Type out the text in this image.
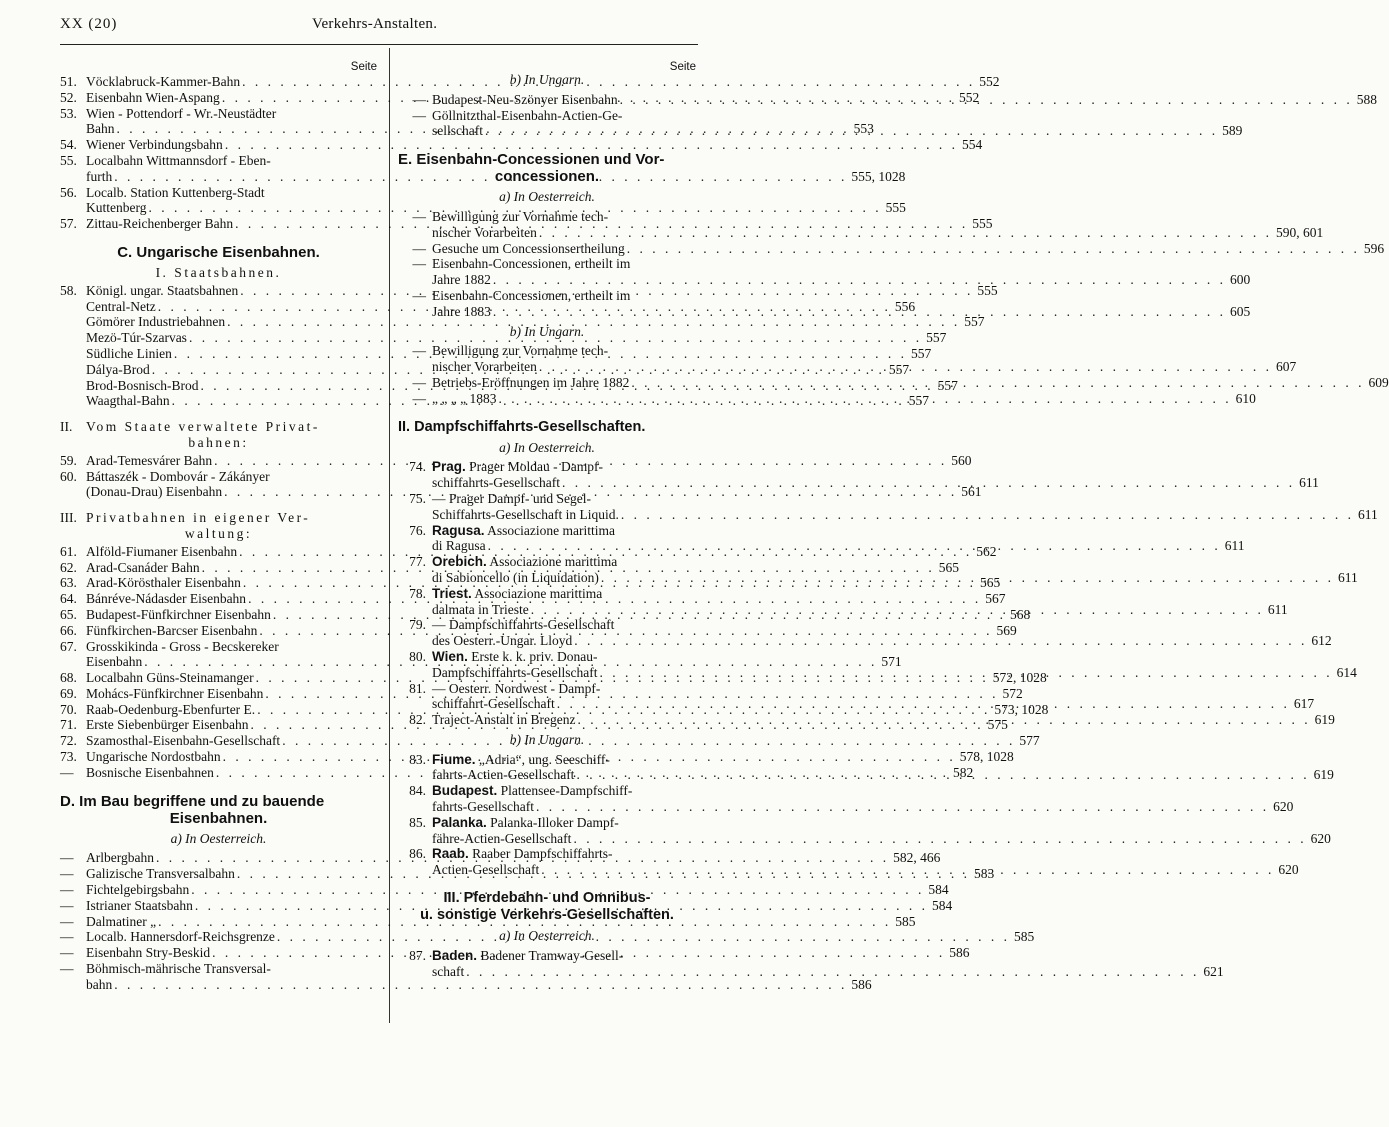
XX (20)	Verkehrs-Anstalten.
Seite
51. Vöcklabruck-Kammer-Bahn . . .	552
52. Eisenbahn Wien-Aspang . . .	552
53. Wien - Pottendorf - Wr.-Neustädter
Bahn . . .	553
54. Wiener Verbindungsbahn . . .	554
55. Localbahn Wittmannsdorf - Eben-
furth . . .	555, 1028
56. Localb. Station Kuttenberg-Stadt
Kuttenberg . . .	555
57. Zittau-Reichenberger Bahn . . .	555
C. Ungarische Eisenbahnen.
I. Staatsbahnen.
58. Königl. ungar. Staatsbahnen . . .	555
Central-Netz . . .	556
Gömörer Industriebahnen . . .	557
Mezö-Túr-Szarvas . . .	557
Südliche Linien . . .	557
Dálya-Brod . . .	557
Brod-Bosnisch-Brod . . .	557
Waagthal-Bahn . . .	557
II. Vom Staate verwaltete Privat-
bahnen:
59. Arad-Temesvárer Bahn . . .	560
60. Báttaszék - Dombovár - Zákányer
(Donau-Drau) Eisenbahn . . .	561
III. Privatbahnen in eigener Ver-
waltung:
61. Alföld-Fiumaner Eisenbahn . . .	562
62. Arad-Csanáder Bahn . . .	565
63. Arad-Körösthaler Eisenbahn . . .	565
64. Bánréve-Nádasder Eisenbahn . . .	567
65. Budapest-Fünfkirchner Eisenbahn . . .	568
66. Fünfkirchen-Barcser Eisenbahn . . .	569
67. Grosskikinda - Gross - Becskereker
Eisenbahn . . .	571
68. Localbahn Güns-Steinamanger . . .	572, 1028
69. Mohács-Fünfkirchner Eisenbahn . . .	572
70. Raab-Oedenburg-Ebenfurter E. . . .	573, 1028
71. Erste Siebenbürger Eisenbahn . . .	575
72. Szamosthal-Eisenbahn-Gesellschaft . . .	577
73. Ungarische Nordostbahn . . .	578, 1028
— Bosnische Eisenbahnen . . .	582
D. Im Bau begriffene und zu bauende
Eisenbahnen.
a) In Oesterreich.
— Arlbergbahn . . .	582, 466
— Galizische Transversalbahn . . .	583
— Fichtelgebirgsbahn . . .	584
— Istrianer Staatsbahn . . .	584
— Dalmatiner „ . . .	585
— Localb. Hannersdorf-Reichsgrenze . . .	585
— Eisenbahn Stry-Beskid . . .	586
— Böhmisch-mährische Transversal-
bahn . . .	586
Seite
b) In Ungarn.
— Budapest-Neu-Szönyer Eisenbahn . . .	588
— Göllnitzthal-Eisenbahn-Actien-Ge-
sellschaft . . .	589
E. Eisenbahn-Concessionen und Vor-
concessionen.
a) In Oesterreich.
— Bewilligung zur Vornahme tech-
nischer Vorarbeiten . . .	590, 601
— Gesuche um Concessionsertheilung . . .	596
— Eisenbahn-Concessionen, ertheilt im
Jahre 1882 . . .	600
— Eisenbahn-Concessionen, ertheilt im
Jahre 1883 . . .	605
b) In Ungarn.
— Bewilligung zur Vornahme tech-
nischer Vorarbeiten . . .	607
— Betriebs-Eröffnungen im Jahre 1882 . . .	609
— „ „ „ „ 1883 . . .	610
II. Dampfschiffahrts-Gesellschaften.
a) In Oesterreich.
74. Prag. Prager Moldau - Dampf-
schiffahrts-Gesellschaft . . .	611
75. — Prager Dampf- und Segel-
Schiffahrts-Gesellschaft in Liquid. . . .	611
76. Ragusa. Associazione marittima
di Ragusa . . .	611
77. Orebich. Associazione marittima
di Sabioncello (in Liquidation) . . .	611
78. Triest. Associazione marittima
dalmata in Trieste . . .	611
79. — Dampfschiffahrts-Gesellschaft
des Oesterr.-Ungar. Lloyd . . .	612
80. Wien. Erste k. k. priv. Donau-
Dampfschiffahrts-Gesellschaft . . .	614
81. — Oesterr. Nordwest - Dampf-
schiffahrt-Gesellschaft . . .	617
82. Traject-Anstalt in Bregenz . . .	619
b) In Ungarn.
83. Fiume. „Adria“, ung. Seeschiff-
fahrts-Actien-Gesellschaft . . .	619
84. Budapest. Plattensee-Dampfschiff-
fahrts-Gesellschaft . . .	620
85. Palanka. Palanka-Illoker Dampf-
fähre-Actien-Gesellschaft . . .	620
86. Raab. Raaber Dampfschiffahrts-
Actien-Gesellschaft . . .	620
III. Pferdebahn- und Omnibus-
u. sonstige Verkehrs-Gesellschaften.
a) In Oesterreich.
87. Baden. Badener Tramway-Gesell-
schaft . . .	621
